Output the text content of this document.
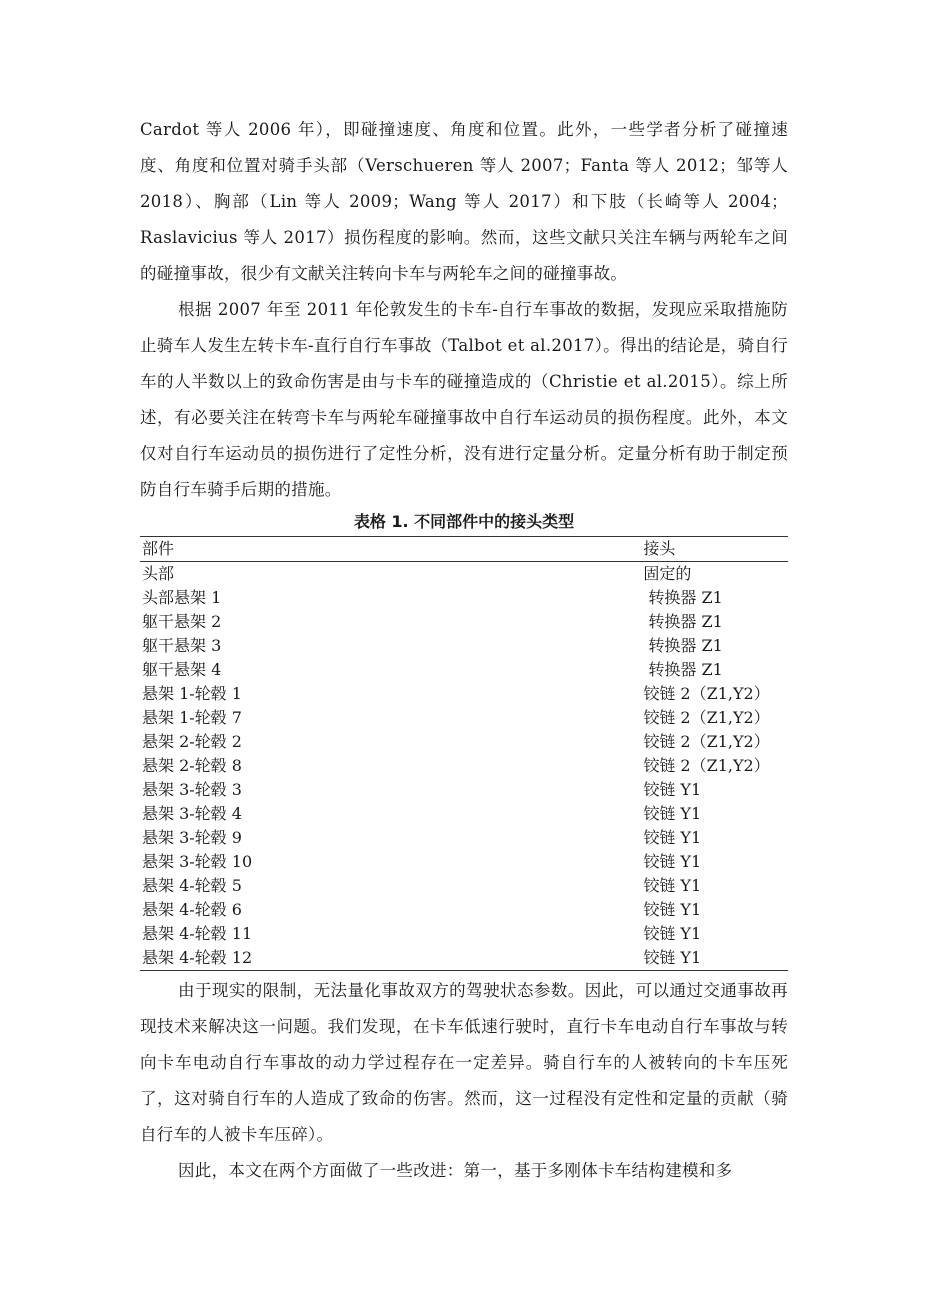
Cardot 等人 2006 年），即碰撞速度、角度和位置。此外，一些学者分析了碰撞速度、角度和位置对骑手头部（Verschueren 等人 2007；Fanta 等人 2012；邹等人 2018）、胸部（Lin 等人 2009；Wang 等人 2017）和下肢（长崎等人 2004；Raslavicius 等人 2017）损伤程度的影响。然而，这些文献只关注车辆与两轮车之间的碰撞事故，很少有文献关注转向卡车与两轮车之间的碰撞事故。

根据 2007 年至 2011 年伦敦发生的卡车-自行车事故的数据，发现应采取措施防止骑车人发生左转卡车-直行自行车事故（Talbot et al.2017）。得出的结论是，骑自行车的人半数以上的致命伤害是由与卡车的碰撞造成的（Christie et al.2015）。综上所述，有必要关注在转弯卡车与两轮车碰撞事故中自行车运动员的损伤程度。此外，本文仅对自行车运动员的损伤进行了定性分析，没有进行定量分析。定量分析有助于制定预防自行车骑手后期的措施。

表格 1. 不同部件中的接头类型

部件	接头
头部	固定的
头部悬架 1	转换器 Z1
躯干悬架 2	转换器 Z1
躯干悬架 3	转换器 Z1
躯干悬架 4	转换器 Z1
悬架 1-轮毂 1	铰链 2（Z1,Y2）
悬架 1-轮毂 7	铰链 2（Z1,Y2）
悬架 2-轮毂 2	铰链 2（Z1,Y2）
悬架 2-轮毂 8	铰链 2（Z1,Y2）
悬架 3-轮毂 3	铰链 Y1
悬架 3-轮毂 4	铰链 Y1
悬架 3-轮毂 9	铰链 Y1
悬架 3-轮毂 10	铰链 Y1
悬架 4-轮毂 5	铰链 Y1
悬架 4-轮毂 6	铰链 Y1
悬架 4-轮毂 11	铰链 Y1
悬架 4-轮毂 12	铰链 Y1

由于现实的限制，无法量化事故双方的驾驶状态参数。因此，可以通过交通事故再现技术来解决这一问题。我们发现，在卡车低速行驶时，直行卡车电动自行车事故与转向卡车电动自行车事故的动力学过程存在一定差异。骑自行车的人被转向的卡车压死了，这对骑自行车的人造成了致命的伤害。然而，这一过程没有定性和定量的贡献（骑自行车的人被卡车压碎）。

因此，本文在两个方面做了一些改进：第一，基于多刚体卡车结构建模和多
